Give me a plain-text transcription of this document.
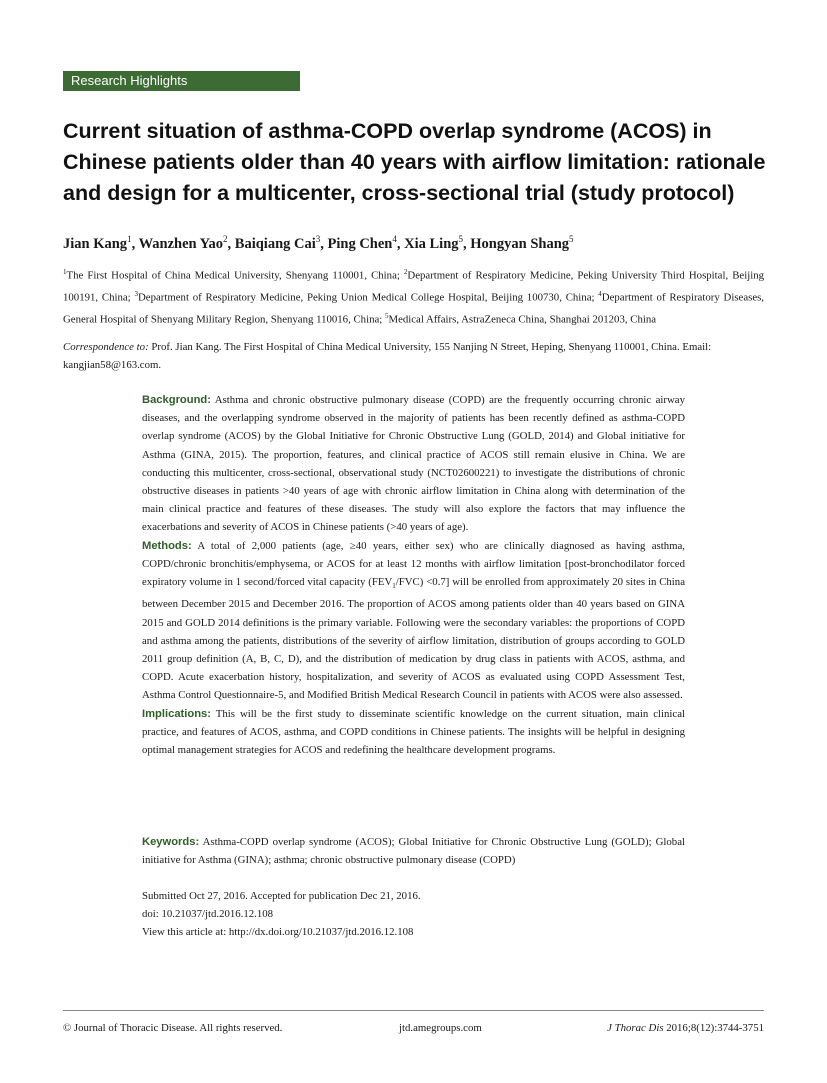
Research Highlights
Current situation of asthma-COPD overlap syndrome (ACOS) in Chinese patients older than 40 years with airflow limitation: rationale and design for a multicenter, cross-sectional trial (study protocol)
Jian Kang$^1$, Wanzhen Yao$^2$, Baiqiang Cai$^3$, Ping Chen$^4$, Xia Ling$^5$, Hongyan Shang$^5$
$^1$The First Hospital of China Medical University, Shenyang 110001, China; $^2$Department of Respiratory Medicine, Peking University Third Hospital, Beijing 100191, China; $^3$Department of Respiratory Medicine, Peking Union Medical College Hospital, Beijing 100730, China; $^4$Department of Respiratory Diseases, General Hospital of Shenyang Military Region, Shenyang 110016, China; $^5$Medical Affairs, AstraZeneca China, Shanghai 201203, China
Correspondence to: Prof. Jian Kang. The First Hospital of China Medical University, 155 Nanjing N Street, Heping, Shenyang 110001, China. Email: kangjian58@163.com.

Background: Asthma and chronic obstructive pulmonary disease (COPD) are the frequently occurring chronic airway diseases, and the overlapping syndrome observed in the majority of patients has been recently defined as asthma-COPD overlap syndrome (ACOS) by the Global Initiative for Chronic Obstructive Lung (GOLD, 2014) and Global initiative for Asthma (GINA, 2015). The proportion, features, and clinical practice of ACOS still remain elusive in China. We are conducting this multicenter, cross-sectional, observational study (NCT02600221) to investigate the distributions of chronic obstructive diseases in patients >40 years of age with chronic airflow limitation in China along with determination of the main clinical practice and features of these diseases. The study will also explore the factors that may influence the exacerbations and severity of ACOS in Chinese patients (>40 years of age).

Methods: A total of 2,000 patients (age, ≥40 years, either sex) who are clinically diagnosed as having asthma, COPD/chronic bronchitis/emphysema, or ACOS for at least 12 months with airflow limitation [post-bronchodilator forced expiratory volume in 1 second/forced vital capacity $(FEV_1/FVC) <0.7$] will be enrolled from approximately 20 sites in China between December 2015 and December 2016. The proportion of ACOS among patients older than 40 years based on GINA 2015 and GOLD 2014 definitions is the primary variable. Following were the secondary variables: the proportions of COPD and asthma among the patients, distributions of the severity of airflow limitation, distribution of groups according to GOLD 2011 group definition (A, B, C, D), and the distribution of medication by drug class in patients with ACOS, asthma, and COPD. Acute exacerbation history, hospitalization, and severity of ACOS as evaluated using COPD Assessment Test, Asthma Control Questionnaire-5, and Modified British Medical Research Council in patients with ACOS were also assessed.

Implications: This will be the first study to disseminate scientific knowledge on the current situation, main clinical practice, and features of ACOS, asthma, and COPD conditions in Chinese patients. The insights will be helpful in designing optimal management strategies for ACOS and redefining the healthcare development programs.

Keywords: Asthma-COPD overlap syndrome (ACOS); Global Initiative for Chronic Obstructive Lung (GOLD); Global initiative for Asthma (GINA); asthma; chronic obstructive pulmonary disease (COPD)
Submitted Oct 27, 2016. Accepted for publication Dec 21, 2016.
doi: 10.21037/jtd.2016.12.108
View this article at: http://dx.doi.org/10.21037/jtd.2016.12.108
© Journal of Thoracic Disease. All rights reserved.	jtd.amegroups.com	J Thorac Dis 2016;8(12):3744-3751
